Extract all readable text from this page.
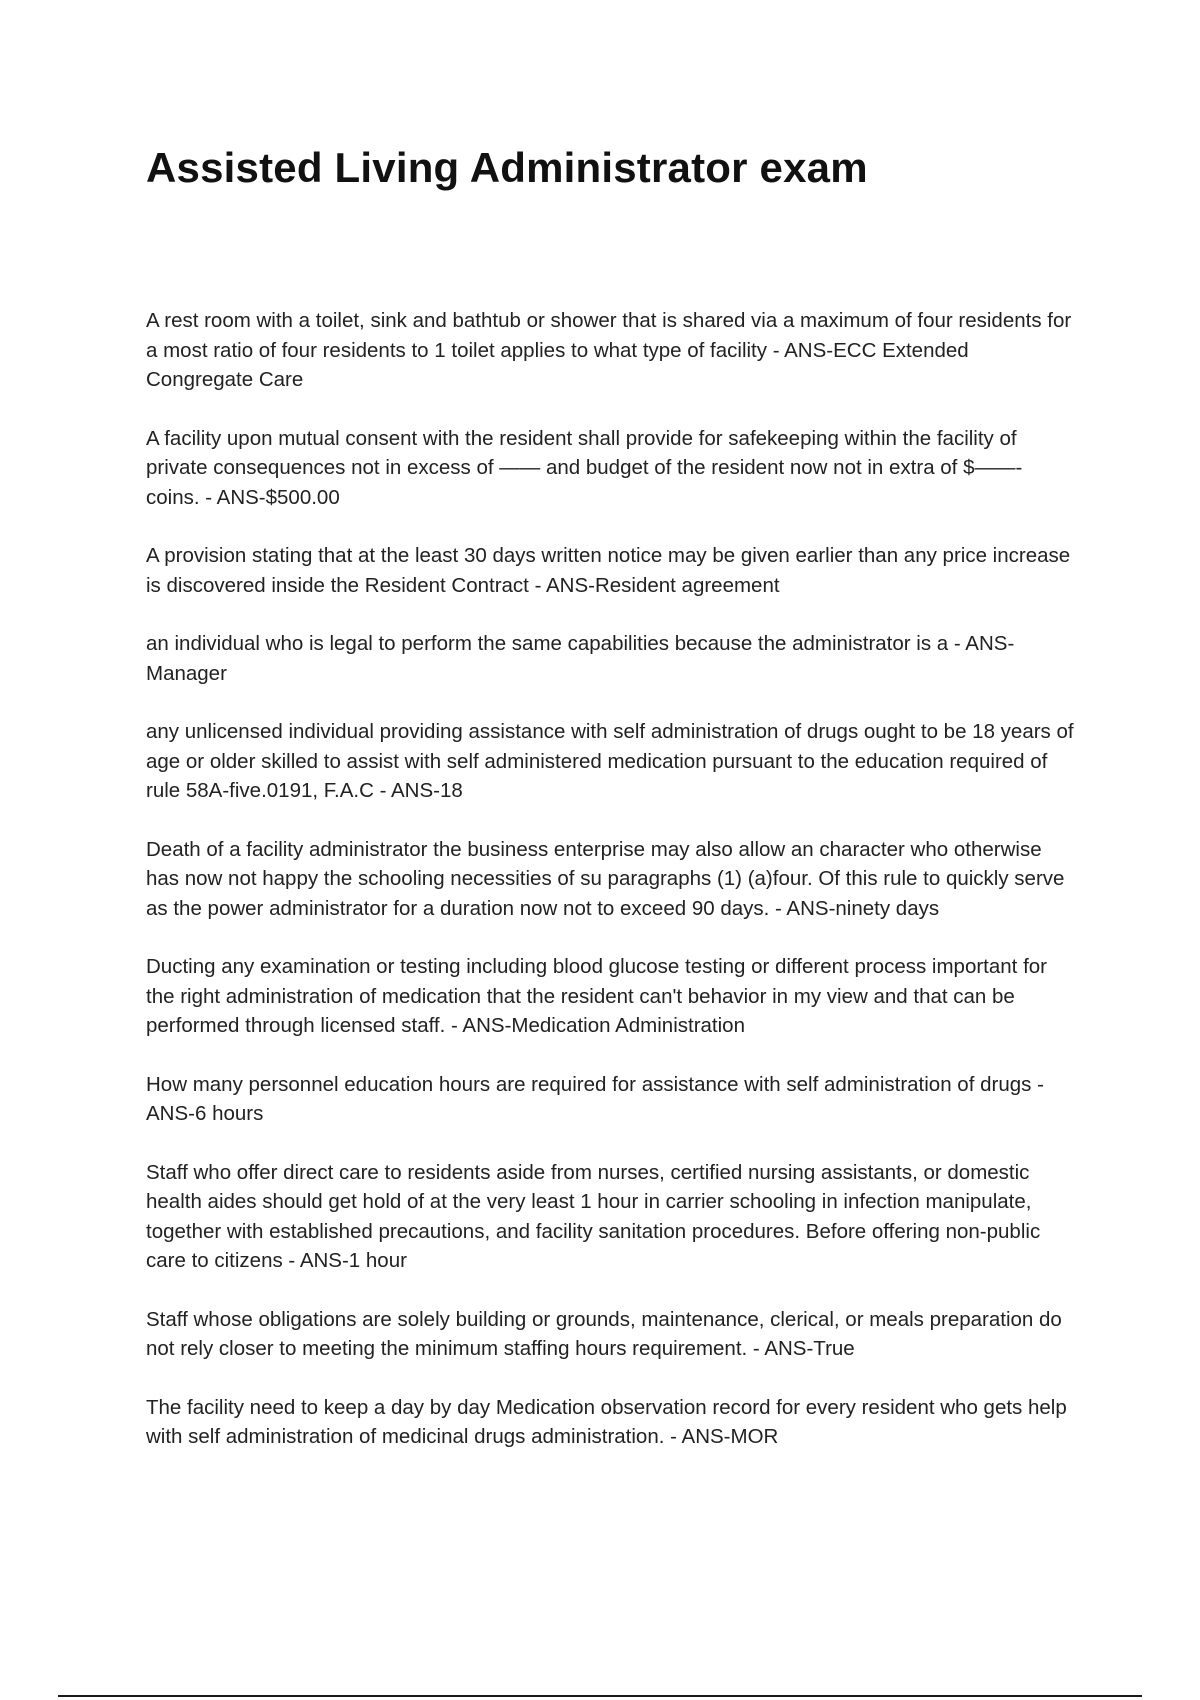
Assisted Living Administrator exam

A rest room with a toilet, sink and bathtub or shower that is shared via a maximum of four residents for a most ratio of four residents to 1 toilet applies to what type of facility - ANS-ECC Extended Congregate Care

A facility upon mutual consent with the resident shall provide for safekeeping within the facility of private consequences not in excess of —— and budget of the resident now not in extra of $——- coins. - ANS-$500.00

A provision stating that at the least 30 days written notice may be given earlier than any price increase is discovered inside the Resident Contract - ANS-Resident agreement

an individual who is legal to perform the same capabilities because the administrator is a - ANS-Manager

any unlicensed individual providing assistance with self administration of drugs ought to be 18 years of age or older skilled to assist with self administered medication pursuant to the education required of rule 58A-five.0191, F.A.C - ANS-18

Death of a facility administrator the business enterprise may also allow an character who otherwise has now not happy the schooling necessities of su paragraphs (1) (a)four. Of this rule to quickly serve as the power administrator for a duration now not to exceed 90 days. - ANS-ninety days

Ducting any examination or testing including blood glucose testing or different process important for the right administration of medication that the resident can't behavior in my view and that can be performed through licensed staff. - ANS-Medication Administration

How many personnel education hours are required for assistance with self administration of drugs - ANS-6 hours

Staff who offer direct care to residents aside from nurses, certified nursing assistants, or domestic health aides should get hold of at the very least 1 hour in carrier schooling in infection manipulate, together with established precautions, and facility sanitation procedures. Before offering non-public care to citizens - ANS-1 hour

Staff whose obligations are solely building or grounds, maintenance, clerical, or meals preparation do not rely closer to meeting the minimum staffing hours requirement. - ANS-True

The facility need to keep a day by day Medication observation record for every resident who gets help with self administration of medicinal drugs administration. - ANS-MOR
